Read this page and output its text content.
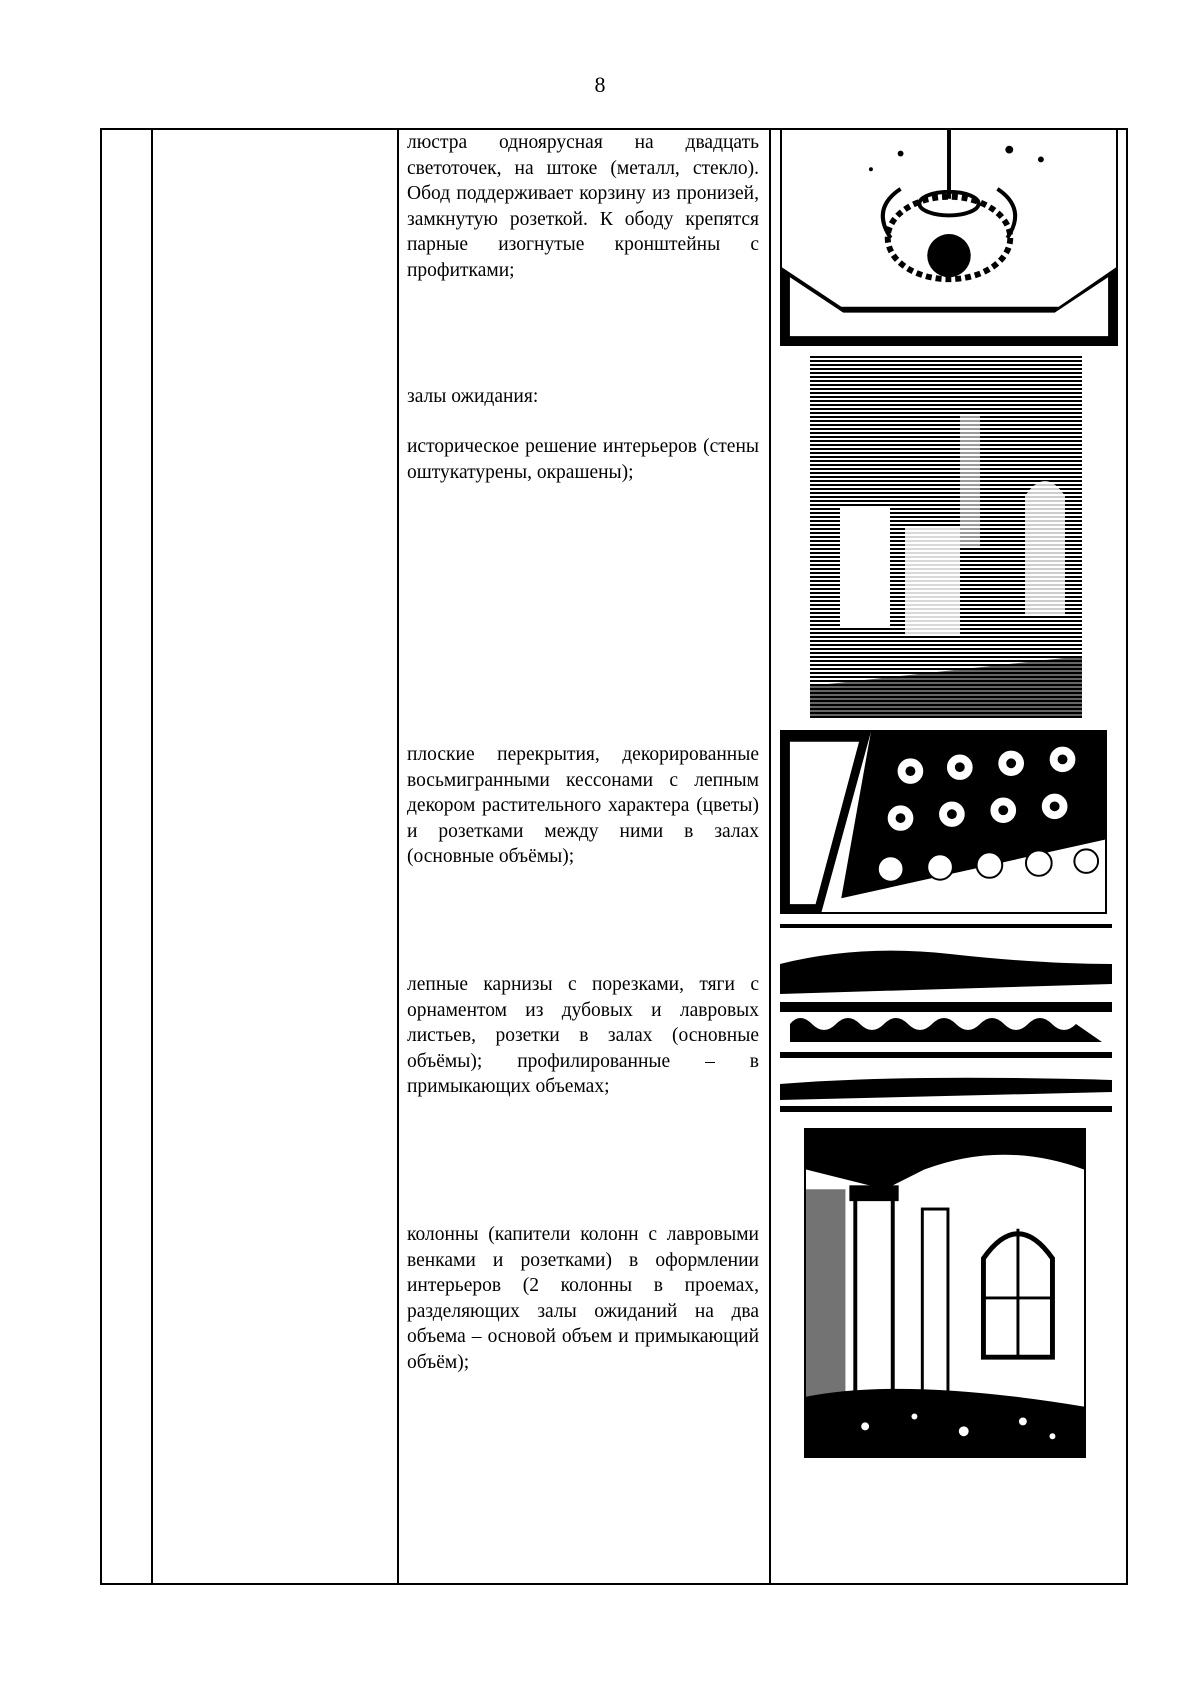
8
люстра одноярусная на двадцать светоточек, на штоке (металл, стекло). Обод поддерживает корзину из пронизей, замкнутую розеткой. К ободу крепятся парные изогнутые кронштейны с профитками;
залы ожидания:
историческое решение интерьеров (стены оштукатурены, окрашены);
плоские перекрытия, декорированные восьмигранными кессонами с лепным декором растительного характера (цветы) и розетками между ними в залах (основные объёмы);
лепные карнизы с порезками, тяги с орнаментом из дубовых и лавровых листьев, розетки в залах (основные объёмы); профилированные – в примыкающих объемах;
колонны (капители колонн с лавровыми венками и розетками) в оформлении интерьеров (2 колонны в проемах, разделяющих залы ожиданий на два объема – основой объем и примыкающий объём);
